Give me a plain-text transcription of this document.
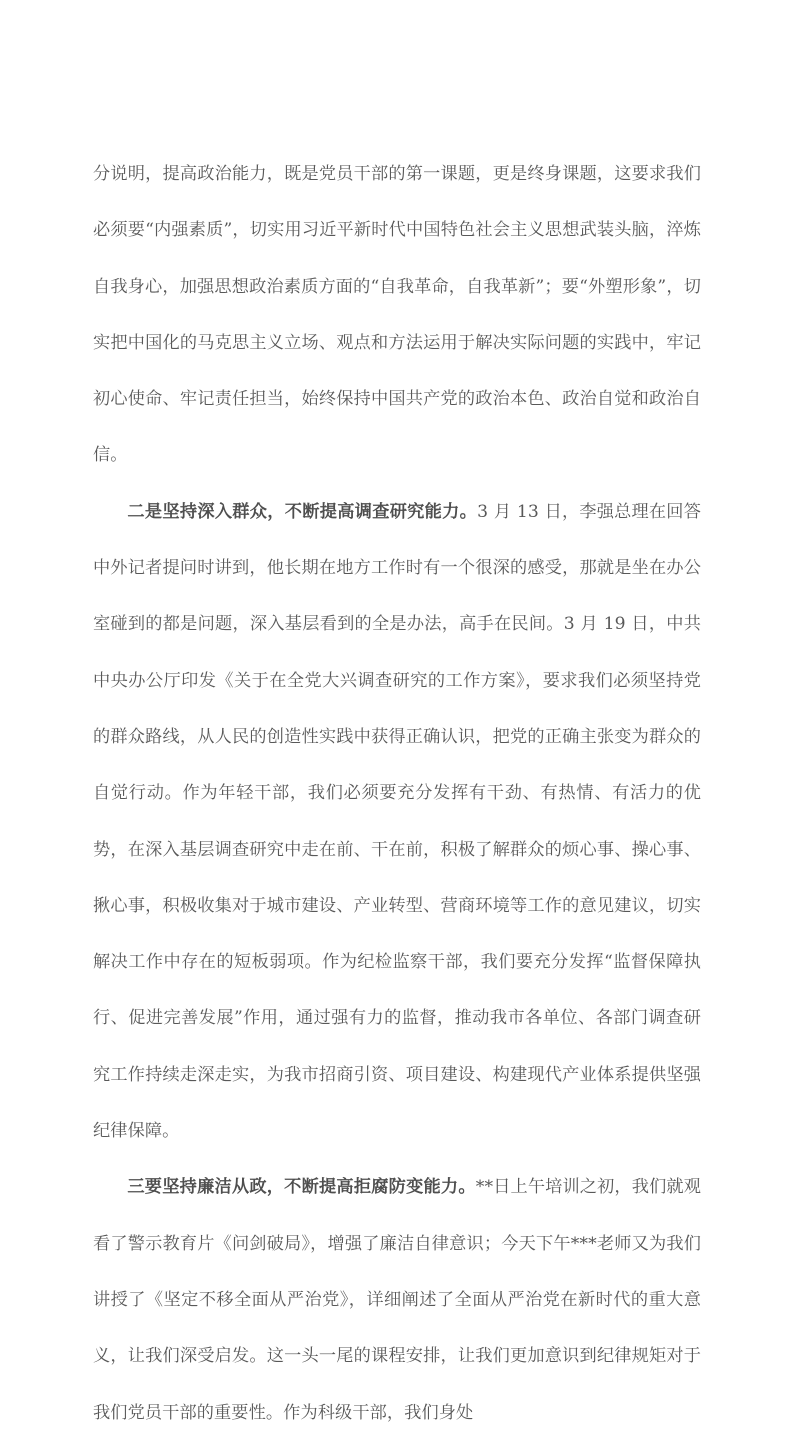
分说明，提高政治能力，既是党员干部的第一课题，更是终身课题，这要求我们必须要“内强素质”，切实用习近平新时代中国特色社会主义思想武装头脑，淬炼自我身心，加强思想政治素质方面的“自我革命，自我革新”；要“外塑形象”，切实把中国化的马克思主义立场、观点和方法运用于解决实际问题的实践中，牢记初心使命、牢记责任担当，始终保持中国共产党的政治本色、政治自觉和政治自信。

二是坚持深入群众，不断提高调查研究能力。3 月 13 日，李强总理在回答中外记者提问时讲到，他长期在地方工作时有一个很深的感受，那就是坐在办公室碰到的都是问题，深入基层看到的全是办法，高手在民间。3 月 19 日，中共中央办公厅印发《关于在全党大兴调查研究的工作方案》，要求我们必须坚持党的群众路线，从人民的创造性实践中获得正确认识，把党的正确主张变为群众的自觉行动。作为年轻干部，我们必须要充分发挥有干劲、有热情、有活力的优势，在深入基层调查研究中走在前、干在前，积极了解群众的烦心事、操心事、揪心事，积极收集对于城市建设、产业转型、营商环境等工作的意见建议，切实解决工作中存在的短板弱项。作为纪检监察干部，我们要充分发挥“监督保障执行、促进完善发展”作用，通过强有力的监督，推动我市各单位、各部门调查研究工作持续走深走实，为我市招商引资、项目建设、构建现代产业体系提供坚强纪律保障。

三要坚持廉洁从政，不断提高拒腐防变能力。**日上午培训之初，我们就观看了警示教育片《问剑破局》，增强了廉洁自律意识；今天下午***老师又为我们讲授了《坚定不移全面从严治党》，详细阐述了全面从严治党在新时代的重大意义，让我们深受启发。这一头一尾的课程安排，让我们更加意识到纪律规矩对于我们党员干部的重要性。作为科级干部，我们身处
